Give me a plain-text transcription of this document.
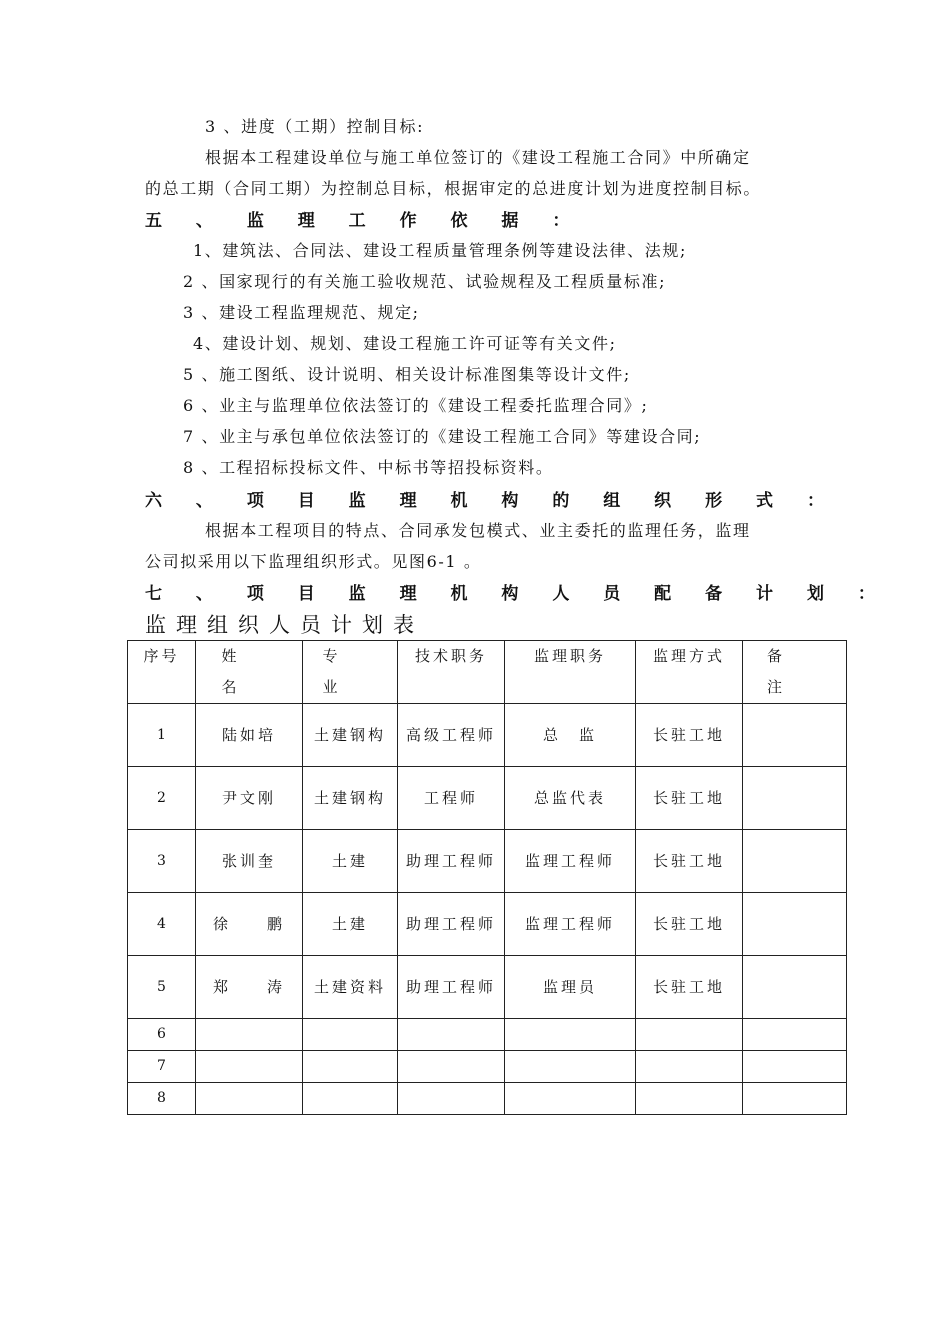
3 、进度（工期）控制目标:
根据本工程建设单位与施工单位签订的《建设工程施工合同》中所确定
的总工期（合同工期）为控制总目标，根据审定的总进度计划为进度控制目标。
五 、 监 理 工 作 依 据 ：
1、建筑法、合同法、建设工程质量管理条例等建设法律、法规;
2 、国家现行的有关施工验收规范、试验规程及工程质量标准;
3 、建设工程监理规范、规定;
4、建设计划、规划、建设工程施工许可证等有关文件;
5 、施工图纸、设计说明、相关设计标准图集等设计文件;
6 、业主与监理单位依法签订的《建设工程委托监理合同》;
7 、业主与承包单位依法签订的《建设工程施工合同》等建设合同;
8 、工程招标投标文件、中标书等招投标资料。
六 、 项 目 监 理 机 构 的 组 织 形 式 ：
根据本工程项目的特点、合同承发包模式、业主委托的监理任务，监理
公司拟采用以下监理组织形式。见图6-1 。
七 、 项 目 监 理 机 构 人 员 配 备 计 划 ：
监理组织人员计划表
序号	姓名	专业	技术职务	监理职务	监理方式	备注
1	陆如培	土建钢构	高级工程师	总　监	长驻工地	
2	尹文刚	土建钢构	工程师	总监代表	长驻工地	
3	张训奎	土建	助理工程师	监理工程师	长驻工地	
4	徐　　鹏	土建	助理工程师	监理工程师	长驻工地	
5	郑　　涛	土建资料	助理工程师	监理员	长驻工地	
6						
7						
8						
